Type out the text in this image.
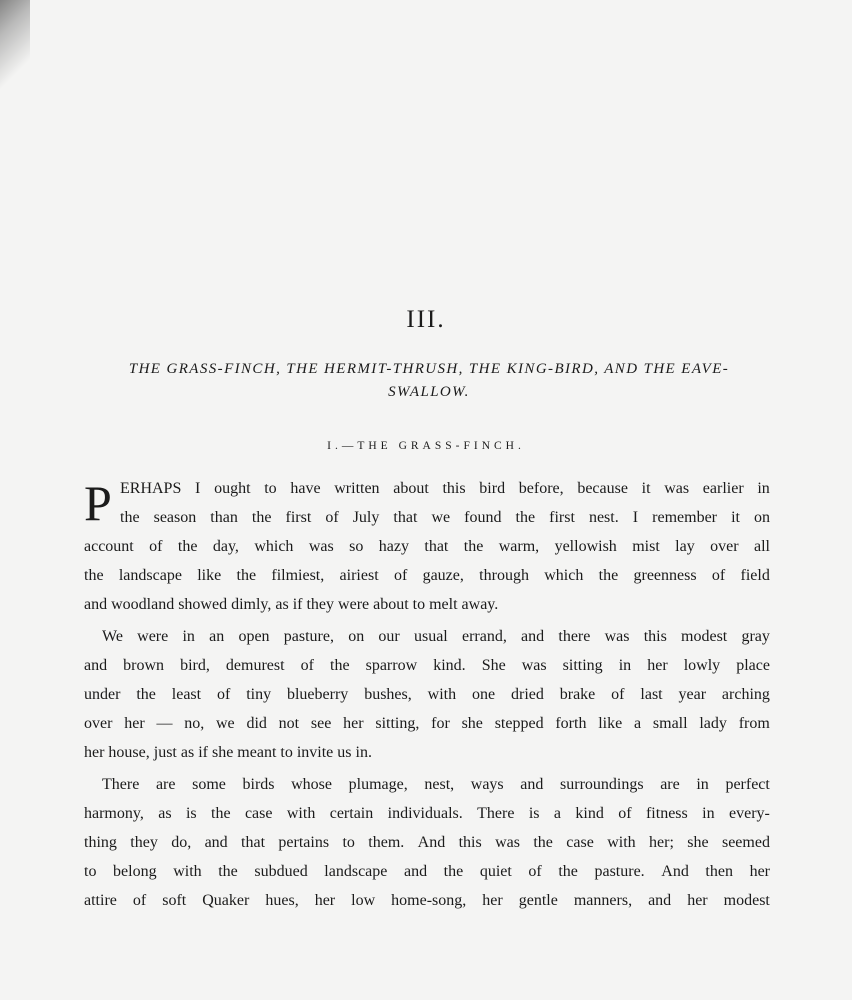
III.
THE GRASS-FINCH, THE HERMIT-THRUSH, THE KING-BIRD, AND THE EAVE-
SWALLOW.
I.—THE GRASS-FINCH.
P ERHAPS I ought to have written about this bird before, because it was earlier in
the season than the first of July that we found the first nest. I remember it on
account of the day, which was so hazy that the warm, yellowish mist lay over all
the landscape like the filmiest, airiest of gauze, through which the greenness of field
and woodland showed dimly, as if they were about to melt away.
We were in an open pasture, on our usual errand, and there was this modest gray
and brown bird, demurest of the sparrow kind. She was sitting in her lowly place
under the least of tiny blueberry bushes, with one dried brake of last year arching
over her — no, we did not see her sitting, for she stepped forth like a small lady from
her house, just as if she meant to invite us in.
There are some birds whose plumage, nest, ways and surroundings are in perfect
harmony, as is the case with certain individuals. There is a kind of fitness in every-
thing they do, and that pertains to them. And this was the case with her; she seemed
to belong with the subdued landscape and the quiet of the pasture. And then her
attire of soft Quaker hues, her low home-song, her gentle manners, and her modest
